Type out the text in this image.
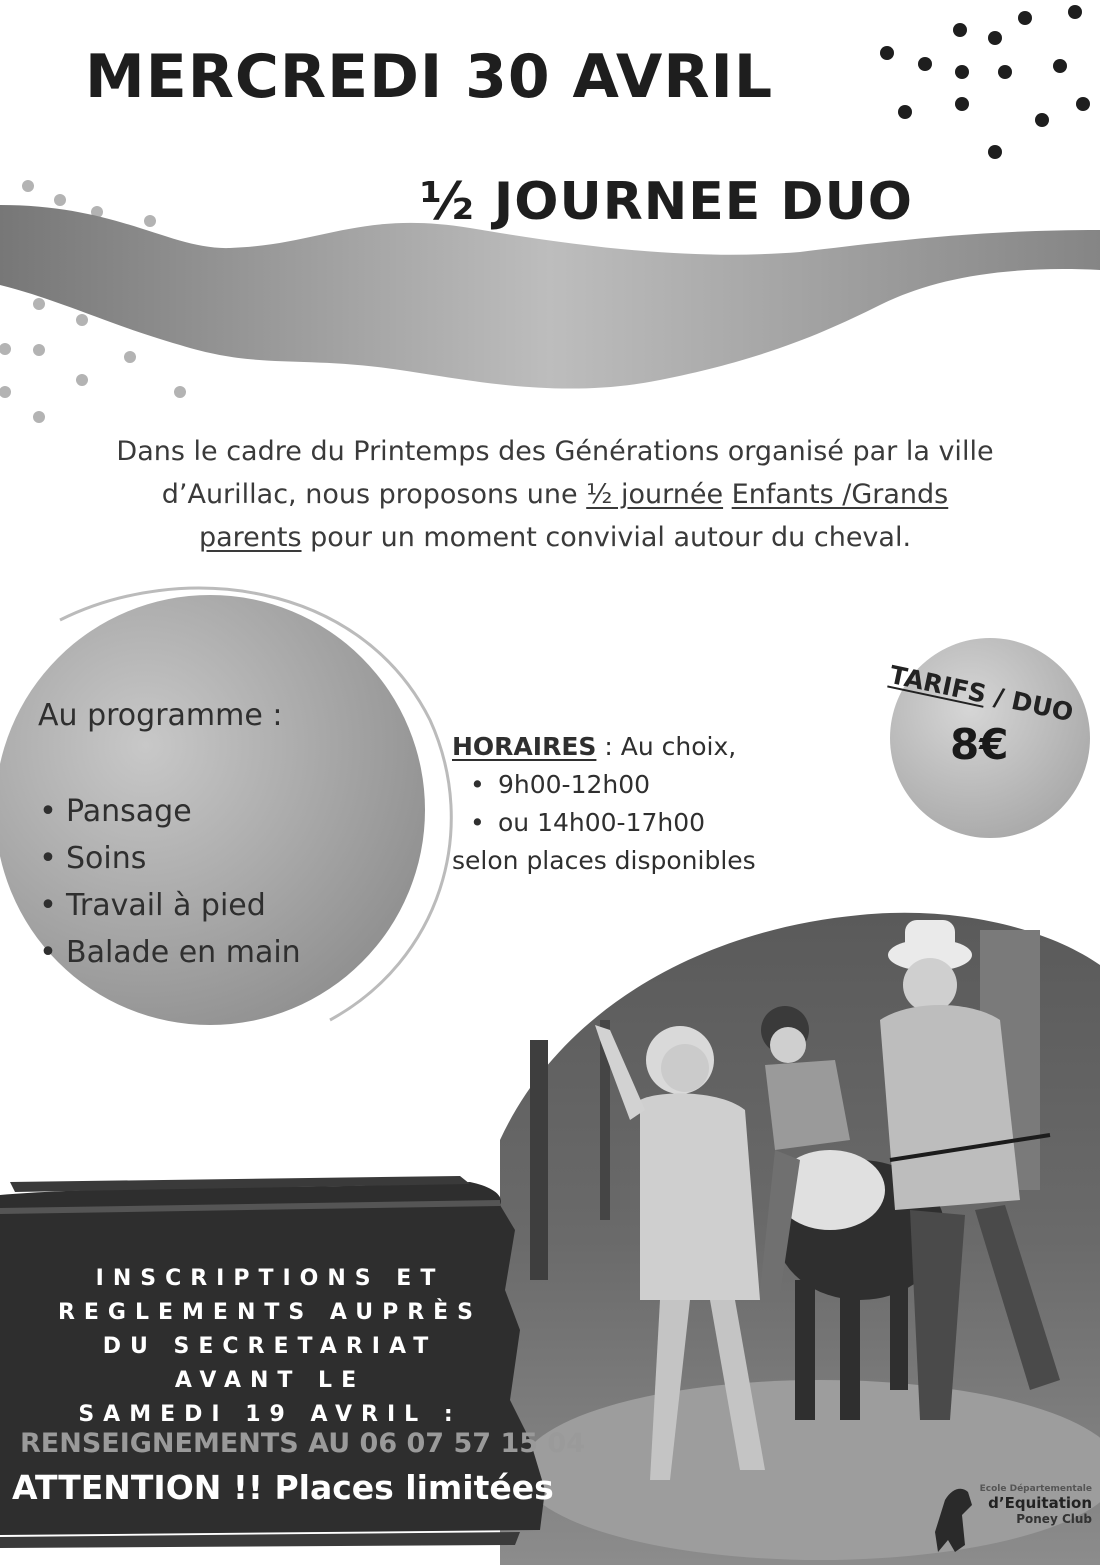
MERCREDI 30 AVRIL
½ JOURNEE DUO
Dans le cadre du Printemps des Générations organisé par la ville d’Aurillac, nous proposons une ½ journée Enfants /Grands parents pour un moment convivial autour du cheval.
Au programme :
• Pansage
• Soins
• Travail à pied
• Balade en main
HORAIRES : Au choix,
• 9h00-12h00
• ou 14h00-17h00
selon places disponibles
TARIFS / DUO
8€
INSCRIPTIONS ET
REGLEMENTS AUPRÈS
DU SECRETARIAT
AVANT LE
SAMEDI 19 AVRIL :
RENSEIGNEMENTS AU 06 07 57 15 04
ATTENTION !! Places limitées	Ecole Départementale
d’Equitation
Poney Club
